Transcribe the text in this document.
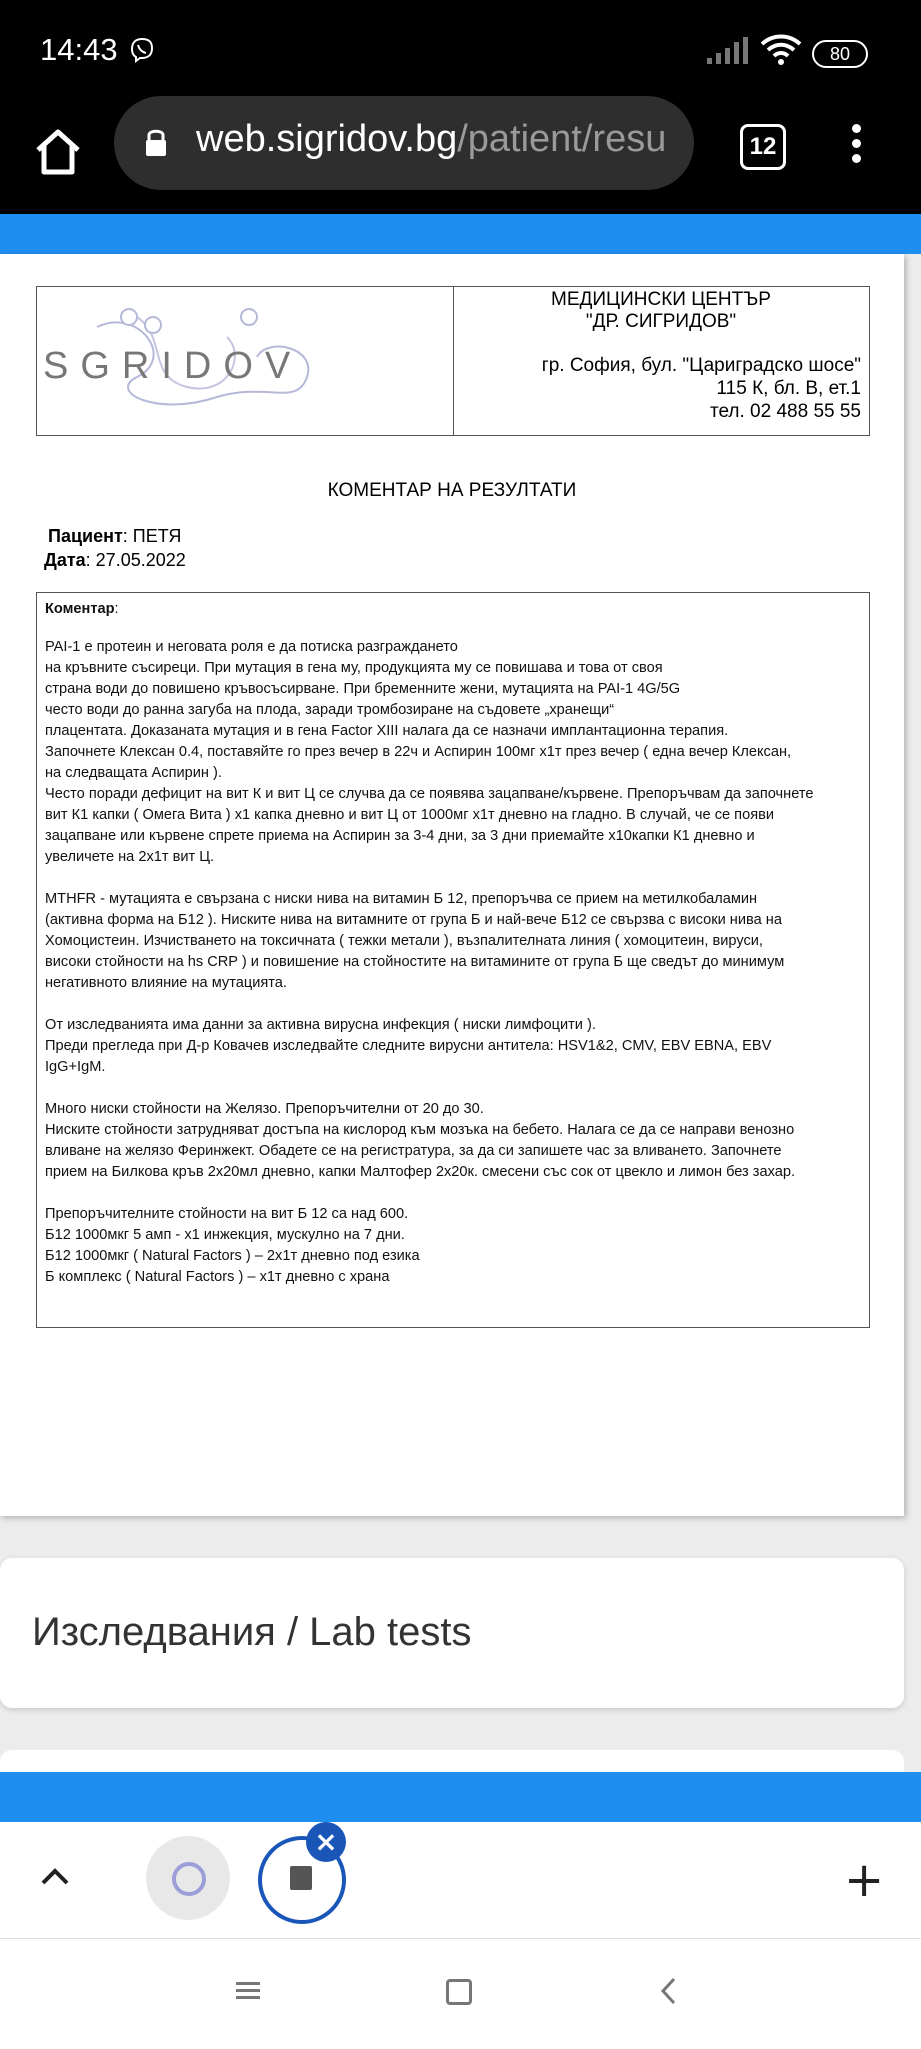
14:43	80
web.sigridov.bg/patient/resu	12
SGRIDOV
МЕДИЦИНСКИ ЦЕНТЪР
"ДР. СИГРИДОВ"
гр. София, бул. "Цариградско шосе"
115 К, бл. В, ет.1
тел. 02 488 55 55
КОМЕНТАР НА РЕЗУЛТАТИ
Пациент: ПЕТЯ
Дата: 27.05.2022
Коментар:
PAI-1 е протеин и неговата роля е да потиска разграждането
на кръвните съсиреци. При мутация в гена му, продукцията му се повишава и това от своя
страна води до повишено кръвосъсирване. При бременните жени, мутацията на PAI-1 4G/5G
често води до ранна загуба на плода, заради тромбозиране на съдовете „хранещи“
плацентата. Доказаната мутация и в гена Factor XIII налага да се назначи имплантационна терапия.
Започнете Клексан 0.4, поставяйте го през вечер в 22ч и Аспирин 100мг х1т през вечер ( една вечер Клексан,
на следващата Аспирин ).
Често поради дефицит на вит К и вит Ц се случва да се появява зацапване/кървене. Препоръчвам да започнете
вит К1 капки ( Омега Вита ) х1 капка дневно и вит Ц от 1000мг х1т дневно на гладно. В случай, че се появи
зацапване или кървене спрете приема на Аспирин за 3-4 дни, за 3 дни приемайте х10капки К1 дневно и
увеличете на 2х1т вит Ц.
MTHFR - мутацията е свързана с ниски нива на витамин Б 12, препоръчва се прием на метилкобаламин
(активна форма на Б12 ). Ниските нива на витамните от група Б и най-вече Б12 се свързва с високи нива на
Хомоцистеин. Изчистването на токсичната ( тежки метали ), възпалителната линия ( хомоцитеин, вируси,
високи стойности на hs CRP ) и повишение на стойностите на витамините от група Б ще сведът до минимум
негативното влияние на мутацията.
От изследванията има данни за активна вирусна инфекция ( ниски лимфоцити ).
Преди прегледа при Д-р Ковачев изследвайте следните вирусни антитела: HSV1&2, CMV, EBV EBNA, EBV
IgG+IgM.
Много ниски стойности на Желязо. Препоръчителни от 20 до 30.
Ниските стойности затрудняват достъпа на кислород към мозъка на бебето. Налага се да се направи венозно
вливане на желязо Феринжект. Обадете се на регистратура, за да си запишете час за вливането. Започнете
прием на Билкова кръв 2х20мл дневно, капки Малтофер 2х20к. смесени със сок от цвекло и лимон без захар.
Препоръчителните стойности на вит Б 12 са над 600.
Б12 1000мкг 5 амп - х1 инжекция, мускулно на 7 дни.
Б12 1000мкг ( Natural Factors ) – 2х1т дневно под езика
Б комплекс ( Natural Factors ) – х1т дневно с храна
Изследвания / Lab tests
×
+
